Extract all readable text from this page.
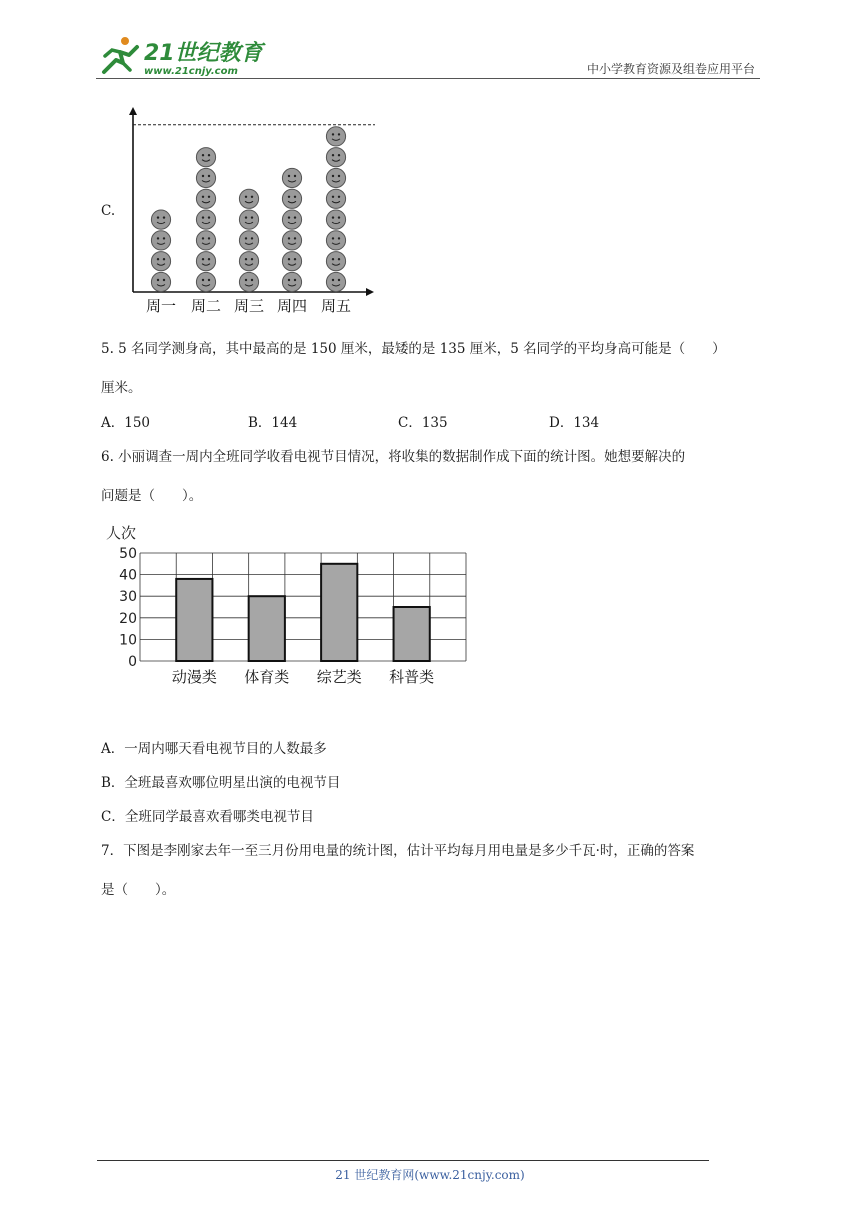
21世纪教育
www.21cnjy.com	中小学教育资源及组卷应用平台
C.
周一 周二 周三 周四 周五
5. 5 名同学测身高，其中最高的是 150 厘米，最矮的是 135 厘米，5 名同学的平均身高可能是（　　）
厘米。
A．150	B．144	C．135	D．134
6. 小丽调查一周内全班同学收看电视节目情况，将收集的数据制作成下面的统计图。她想要解决的
问题是（　　）。
人次
0
10
20
30
40
50
动漫类 体育类 综艺类 科普类
A．一周内哪天看电视节目的人数最多
B．全班最喜欢哪位明星出演的电视节目
C．全班同学最喜欢看哪类电视节目
7．下图是李刚家去年一至三月份用电量的统计图，估计平均每月用电量是多少千瓦·时，正确的答案
是（　　）。
21 世纪教育网(www.21cnjy.com)
